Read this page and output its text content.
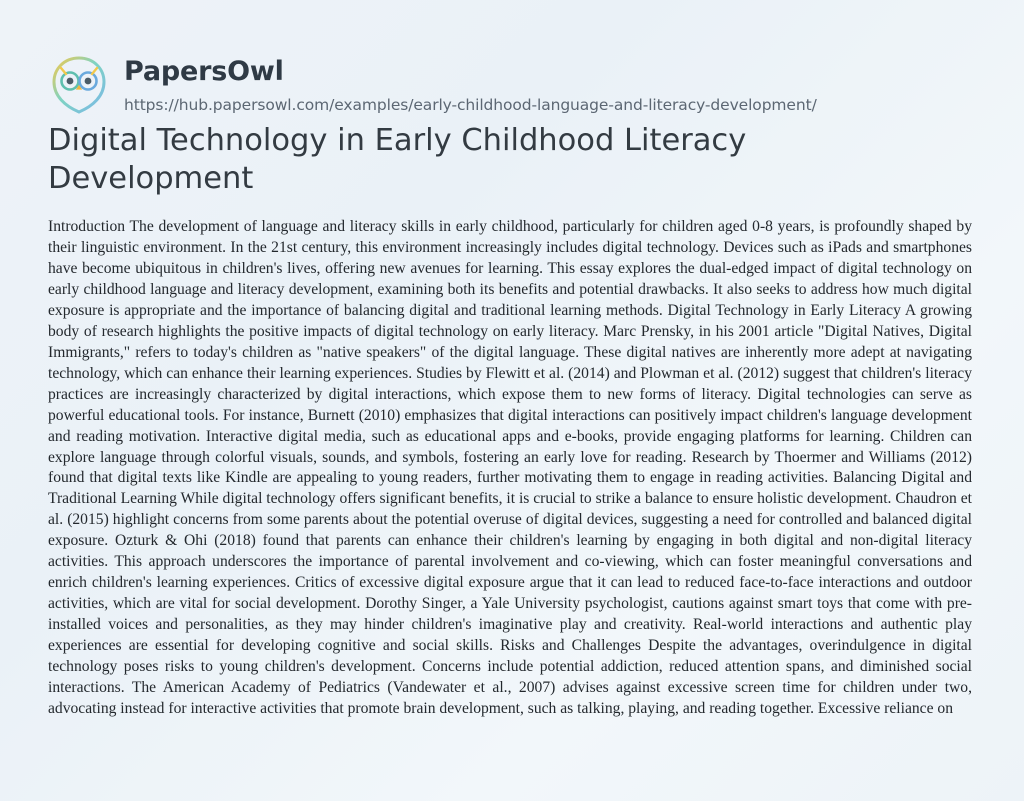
PapersOwl
https://hub.papersowl.com/examples/early-childhood-language-and-literacy-development/
Digital Technology in Early Childhood Literacy Development

Introduction The development of language and literacy skills in early childhood, particularly for children aged 0-8 years, is profoundly shaped by their linguistic environment. In the 21st century, this environment increasingly includes digital technology. Devices such as iPads and smartphones have become ubiquitous in children's lives, offering new avenues for learning. This essay explores the dual-edged impact of digital technology on early childhood language and literacy development, examining both its benefits and potential drawbacks. It also seeks to address how much digital exposure is appropriate and the importance of balancing digital and traditional learning methods. Digital Technology in Early Literacy A growing body of research highlights the positive impacts of digital technology on early literacy. Marc Prensky, in his 2001 article "Digital Natives, Digital Immigrants," refers to today's children as "native speakers" of the digital language. These digital natives are inherently more adept at navigating technology, which can enhance their learning experiences. Studies by Flewitt et al. (2014) and Plowman et al. (2012) suggest that children's literacy practices are increasingly characterized by digital interactions, which expose them to new forms of literacy. Digital technologies can serve as powerful educational tools. For instance, Burnett (2010) emphasizes that digital interactions can positively impact children's language development and reading motivation. Interactive digital media, such as educational apps and e-books, provide engaging platforms for learning. Children can explore language through colorful visuals, sounds, and symbols, fostering an early love for reading. Research by Thoermer and Williams (2012) found that digital texts like Kindle are appealing to young readers, further motivating them to engage in reading activities. Balancing Digital and Traditional Learning While digital technology offers significant benefits, it is crucial to strike a balance to ensure holistic development. Chaudron et al. (2015) highlight concerns from some parents about the potential overuse of digital devices, suggesting a need for controlled and balanced digital exposure. Ozturk & Ohi (2018) found that parents can enhance their children's learning by engaging in both digital and non-digital literacy activities. This approach underscores the importance of parental involvement and co-viewing, which can foster meaningful conversations and enrich children's learning experiences. Critics of excessive digital exposure argue that it can lead to reduced face-to-face interactions and outdoor activities, which are vital for social development. Dorothy Singer, a Yale University psychologist, cautions against smart toys that come with pre-installed voices and personalities, as they may hinder children's imaginative play and creativity. Real-world interactions and authentic play experiences are essential for developing cognitive and social skills. Risks and Challenges Despite the advantages, overindulgence in digital technology poses risks to young children's development. Concerns include potential addiction, reduced attention spans, and diminished social interactions. The American Academy of Pediatrics (Vandewater et al., 2007) advises against excessive screen time for children under two, advocating instead for interactive activities that promote brain development, such as talking, playing, and reading together. Excessive reliance on
